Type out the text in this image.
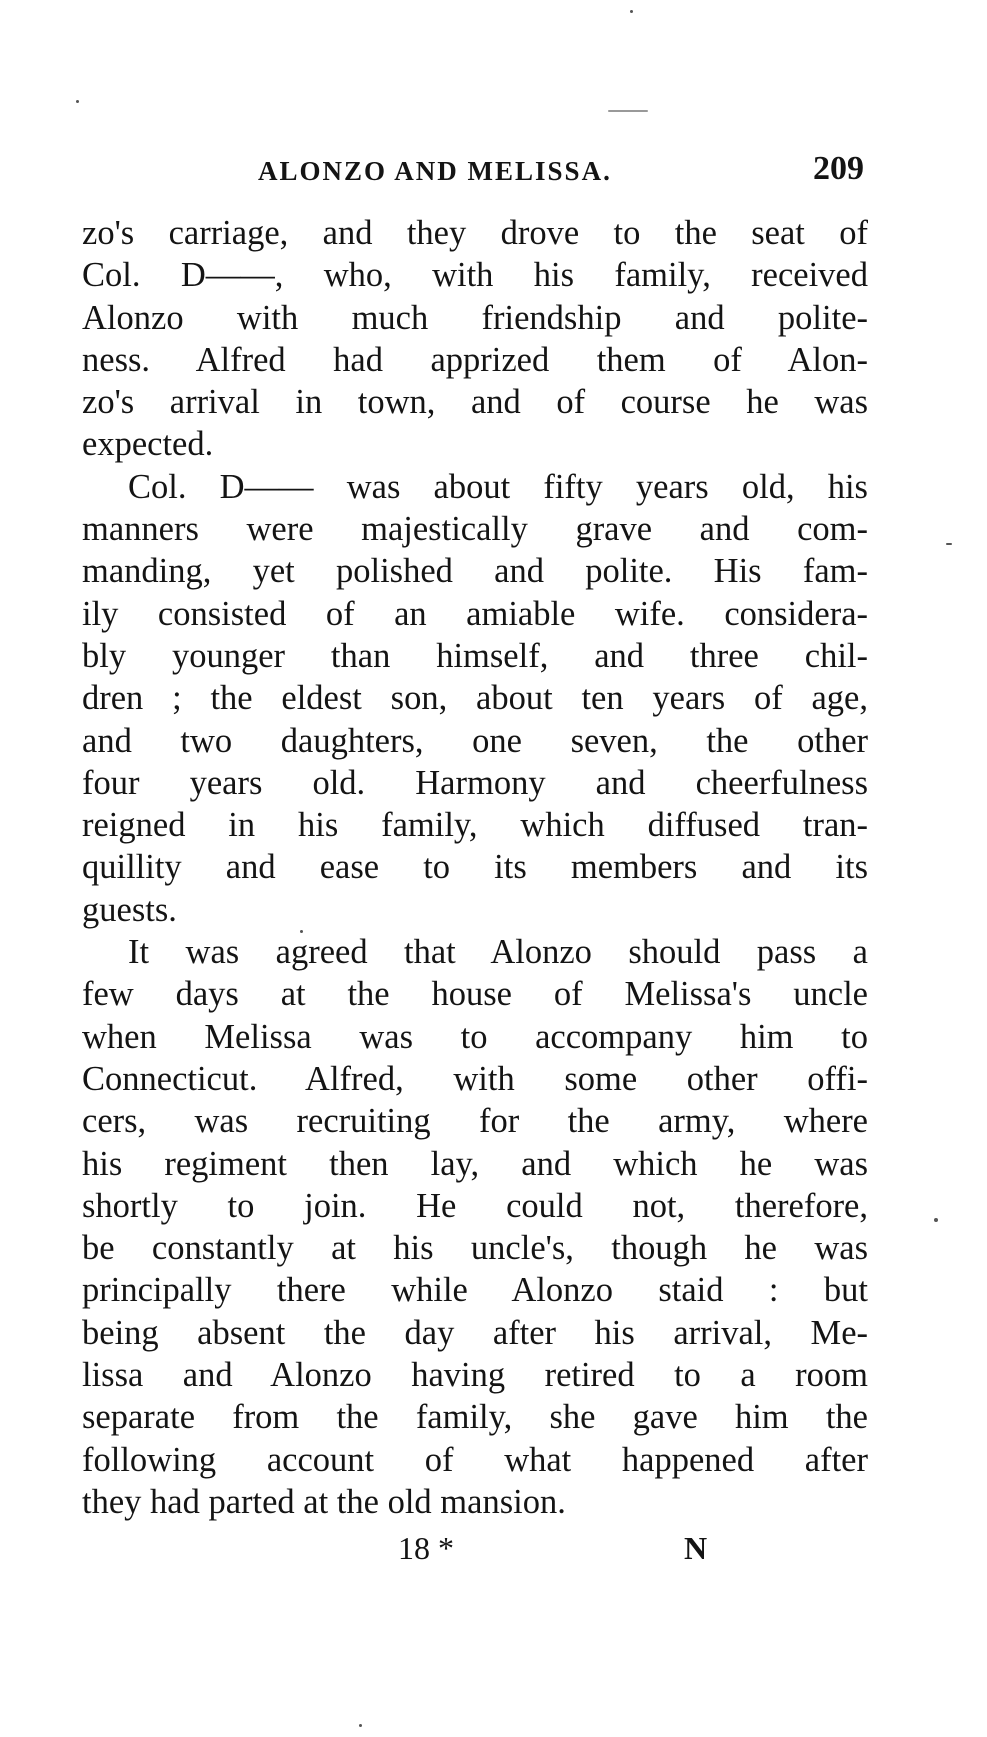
ALONZO AND MELISSA.	209
zo's carriage, and they drove to the seat of
Col. D——, who, with his family, received
Alonzo with much friendship and polite-
ness. Alfred had apprized them of Alon-
zo's arrival in town, and of course he was
expected.
Col. D—— was about fifty years old, his
manners were majestically grave and com-
manding, yet polished and polite. His fam-
ily consisted of an amiable wife. considera-
bly younger than himself, and three chil-
dren ; the eldest son, about ten years of age,
and two daughters, one seven, the other
four years old. Harmony and cheerfulness
reigned in his family, which diffused tran-
quillity and ease to its members and its
guests.
It was agreed that Alonzo should pass a
few days at the house of Melissa's uncle
when Melissa was to accompany him to
Connecticut. Alfred, with some other offi-
cers, was recruiting for the army, where
his regiment then lay, and which he was
shortly to join. He could not, therefore,
be constantly at his uncle's, though he was
principally there while Alonzo staid : but
being absent the day after his arrival, Me-
lissa and Alonzo having retired to a room
separate from the family, she gave him the
following account of what happened after
they had parted at the old mansion.
18 *	N
